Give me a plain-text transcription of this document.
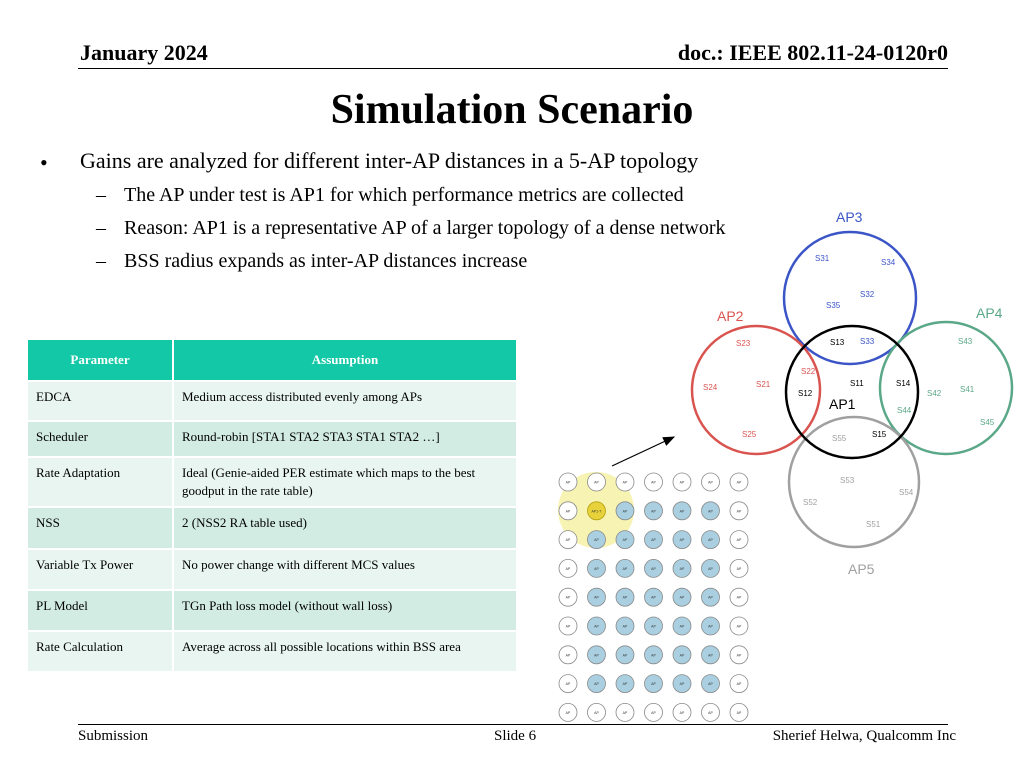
January 2024	doc.: IEEE 802.11-24-0120r0
Simulation Scenario
• Gains are analyzed for different inter-AP distances in a 5-AP topology
– The AP under test is AP1 for which performance metrics are collected
– Reason: AP1 is a representative AP of a larger topology of a dense network
– BSS radius expands as inter-AP distances increase
Parameter	Assumption
EDCA	Medium access distributed evenly among APs
Scheduler	Round-robin [STA1 STA2 STA3 STA1 STA2 …]
Rate Adaptation	Ideal (Genie-aided PER estimate which maps to the best goodput in the rate table)
NSS	2 (NSS2 RA table used)
Variable Tx Power	No power change with different MCS values
PL Model	TGn Path loss model (without wall loss)
Rate Calculation	Average across all possible locations within BSS area
AP3
AP2	AP4
AP5
AP1
S31	S34
S32
S35
S33
S13
S11	S14
S12
S15
S23
S22
S21
S24
S25
S43
S41
S42
S44
S45
S55
S53
S54
S52
S51
AP	AP	AP	AP	AP	AP	AP
AP	AP1-T	AP	AP	AP	AP	AP
AP	AP	AP	AP	AP	AP	AP
AP	AP	AP	AP	AP	AP	AP
AP	AP	AP	AP	AP	AP	AP
AP	AP	AP	AP	AP	AP	AP
AP	AP	AP	AP	AP	AP	AP
AP	AP	AP	AP	AP	AP	AP
AP	AP	AP	AP	AP	AP	AP
Submission	Slide 6	Sherief Helwa, Qualcomm Inc
